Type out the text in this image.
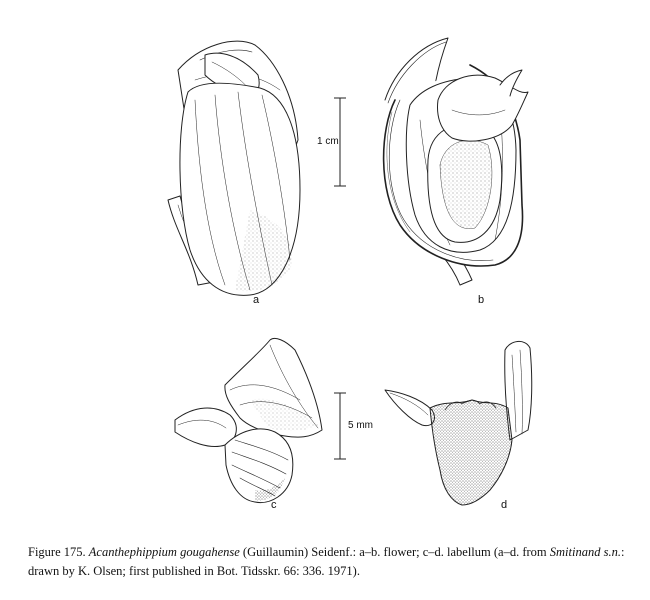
a	b
c	d
1 cm
5 mm
Figure 175. Acanthephippium gougahense (Guillaumin) Seidenf.: a–b. flower; c–d. labellum (a–d. from Smitinand s.n.: drawn by K. Olsen; first published in Bot. Tidsskr. 66: 336. 1971).
